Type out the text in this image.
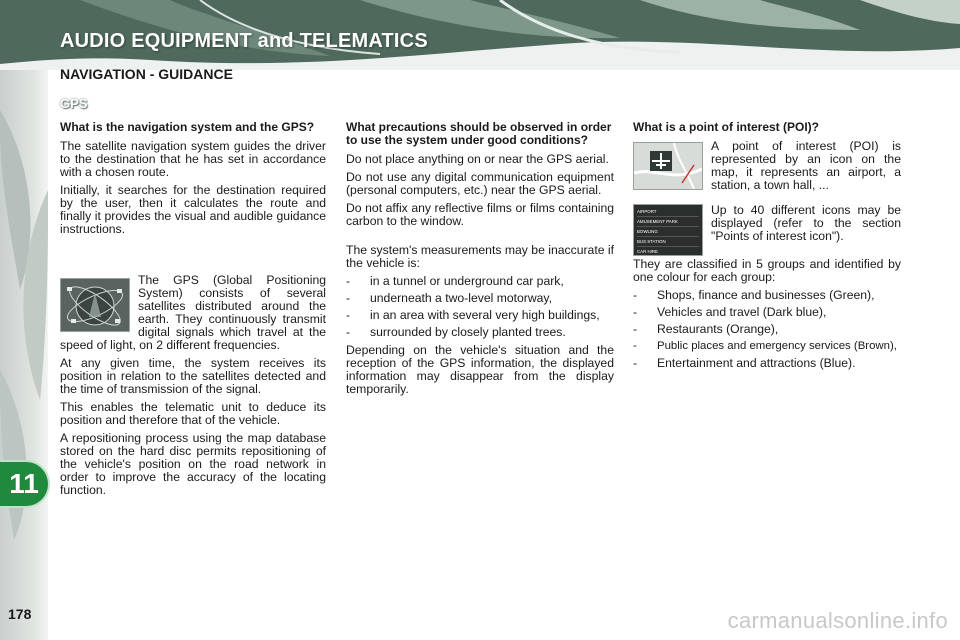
AUDIO EQUIPMENT and TELEMATICS
NAVIGATION - GUIDANCE
GPS
11
178
What is the navigation system and the GPS?

The satellite navigation system guides the driver to the destination that he has set in accordance with a chosen route.

Initially, it searches for the destination required by the user, then it calculates the route and finally it provides the visual and audible guidance instructions.

The GPS (Global Positioning System) consists of several satellites distributed around the earth. They continuously transmit digital signals which travel at the speed of light, on 2 different frequencies.

At any given time, the system receives its position in relation to the satellites detected and the time of transmission of the signal.

This enables the telematic unit to deduce its position and therefore that of the vehicle.

A repositioning process using the map database stored on the hard disc permits repositioning of the vehicle's position on the road network in order to improve the accuracy of the locating function.

What precautions should be observed in order to use the system under good conditions?

Do not place anything on or near the GPS aerial.

Do not use any digital communication equipment (personal computers, etc.) near the GPS aerial.

Do not affix any reflective films or films containing carbon to the window.

The system's measurements may be inaccurate if the vehicle is:

- in a tunnel or underground car park,
- underneath a two-level motorway,
- in an area with several very high buildings,
- surrounded by closely planted trees.

Depending on the vehicle's situation and the reception of the GPS information, the displayed information may disappear from the display temporarily.

What is a point of interest (POI)?

A point of interest (POI) is represented by an icon on the map, it represents an airport, a station, a town hall, ...

AIRPORT
AMUSEMENT PARK
BOWLING
BUS STATION
CAR HIRE

Up to 40 different icons may be displayed (refer to the section "Points of interest icon").

They are classified in 5 groups and identified by one colour for each group:

- Shops, finance and businesses (Green),
- Vehicles and travel (Dark blue),
- Restaurants (Orange),
- Public places and emergency services (Brown),
- Entertainment and attractions (Blue).
carmanualsonline.info
